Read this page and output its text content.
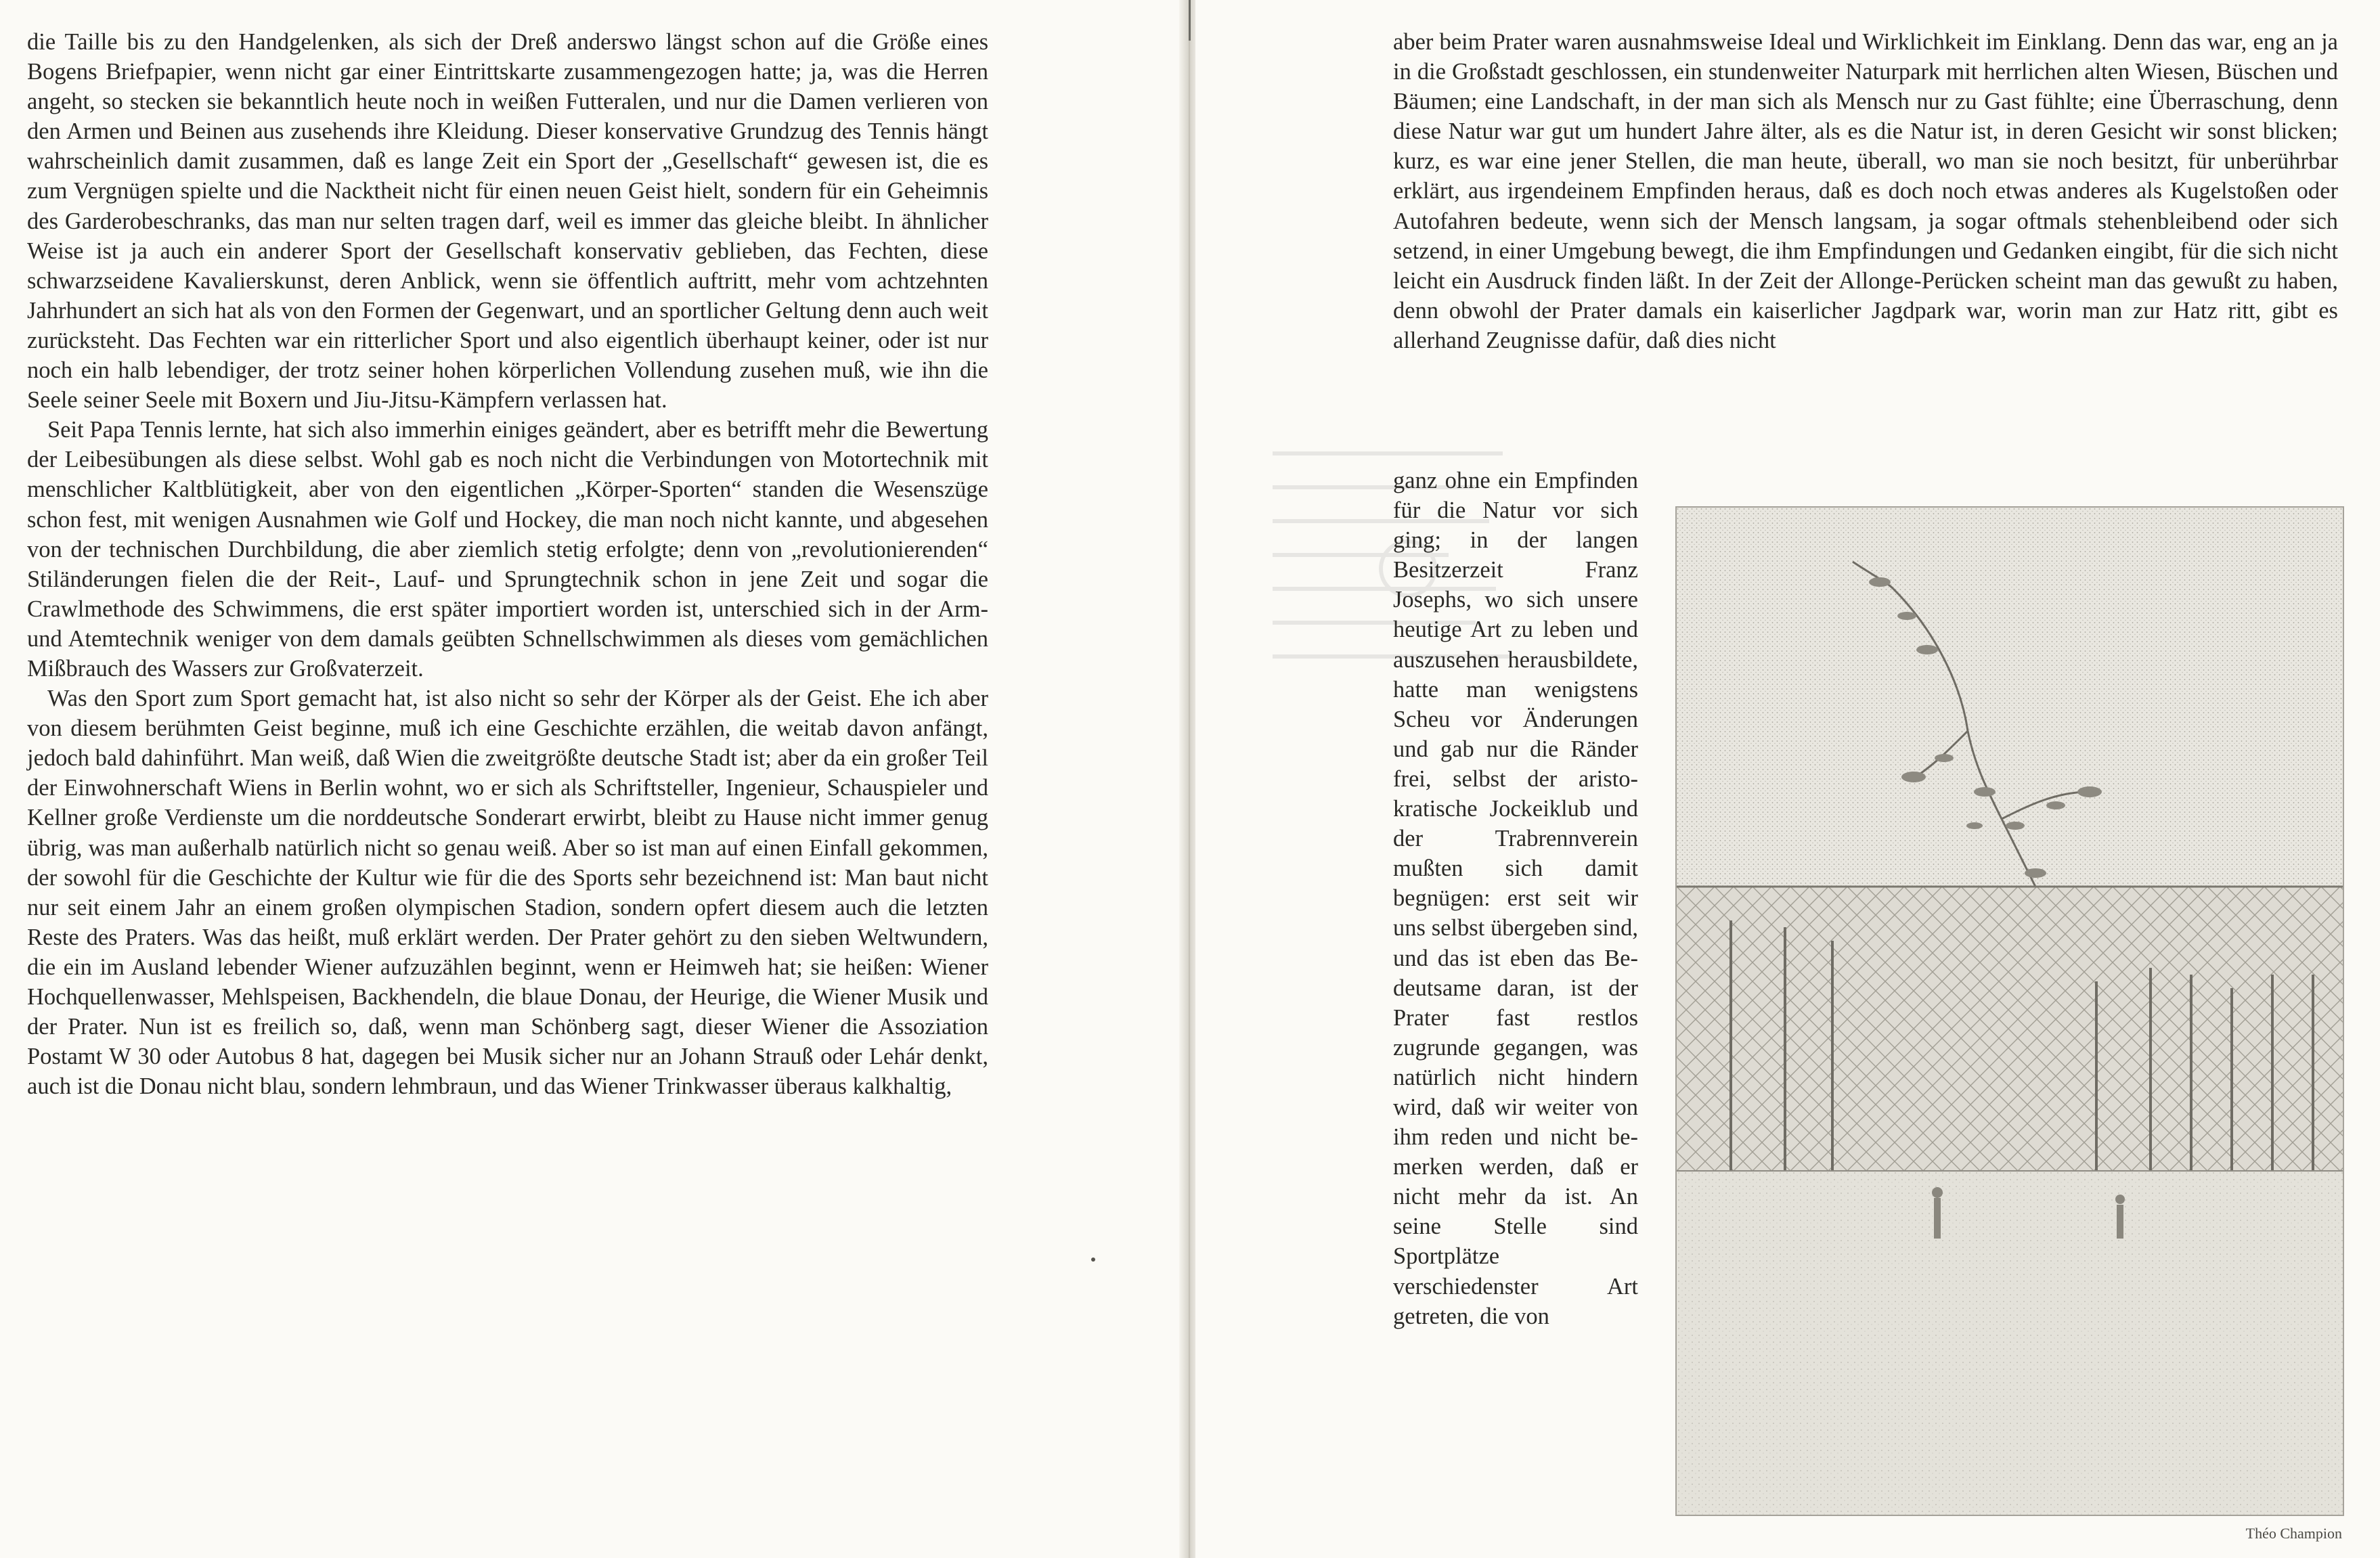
die Taille bis zu den Handgelenken, als sich der Dreß anderswo längst schon auf die Größe eines Bogens Briefpapier, wenn nicht gar einer Eintrittskarte zusammengezogen hatte; ja, was die Herren angeht, so stecken sie bekanntlich heute noch in weißen Futteralen, und nur die Damen verlieren von den Armen und Beinen aus zusehends ihre Kleidung. Dieser konservative Grundzug des Tennis hängt wahrscheinlich damit zusammen, daß es lange Zeit ein Sport der „Gesellschaft“ gewesen ist, die es zum Vergnügen spielte und die Nacktheit nicht für einen neuen Geist hielt, sondern für ein Geheimnis des Garderobeschranks, das man nur selten tragen darf, weil es immer das gleiche bleibt. In ähnlicher Weise ist ja auch ein anderer Sport der Gesellschaft konservativ geblieben, das Fechten, diese schwarzseidene Kavalierskunst, deren Anblick, wenn sie öffentlich auftritt, mehr vom achtzehnten Jahrhundert an sich hat als von den Formen der Gegenwart, und an sportlicher Geltung denn auch weit zurücksteht. Das Fechten war ein ritterlicher Sport und also eigentlich überhaupt keiner, oder ist nur noch ein halb lebendiger, der trotz seiner hohen körperlichen Vollendung zusehen muß, wie ihn die Seele seiner Seele mit Boxern und Jiu-Jitsu-Kämpfern verlassen hat.

Seit Papa Tennis lernte, hat sich also immerhin einiges geändert, aber es betrifft mehr die Bewertung der Leibesübungen als diese selbst. Wohl gab es noch nicht die Verbindungen von Motortechnik mit menschlicher Kaltblütigkeit, aber von den eigentlichen „Körper-Sporten“ standen die Wesenszüge schon fest, mit wenigen Ausnahmen wie Golf und Hockey, die man noch nicht kannte, und abgesehen von der technischen Durchbildung, die aber ziemlich stetig erfolgte; denn von „revolutionierenden“ Stiländerungen fielen die der Reit-, Lauf- und Sprungtechnik schon in jene Zeit und sogar die Crawlmethode des Schwimmens, die erst später importiert worden ist, unterschied sich in der Arm- und Atemtechnik weniger von dem damals geübten Schnellschwimmen als dieses vom gemächlichen Mißbrauch des Wassers zur Großvaterzeit.

Was den Sport zum Sport gemacht hat, ist also nicht so sehr der Körper als der Geist. Ehe ich aber von diesem berühmten Geist beginne, muß ich eine Geschichte erzählen, die weitab davon anfängt, jedoch bald dahinführt. Man weiß, daß Wien die zweitgrößte deutsche Stadt ist; aber da ein großer Teil der Einwohnerschaft Wiens in Berlin wohnt, wo er sich als Schriftsteller, Ingenieur, Schauspieler und Kellner große Verdienste um die norddeutsche Sonderart erwirbt, bleibt zu Hause nicht immer genug übrig, was man außerhalb natürlich nicht so genau weiß. Aber so ist man auf einen Einfall gekommen, der sowohl für die Geschichte der Kultur wie für die des Sports sehr bezeichnend ist: Man baut nicht nur seit einem Jahr an einem großen olympischen Stadion, sondern opfert diesem auch die letzten Reste des Praters. Was das heißt, muß erklärt werden. Der Prater gehört zu den sieben Weltwundern, die ein im Ausland lebender Wiener aufzuzählen beginnt, wenn er Heimweh hat; sie heißen: Wiener Hochquellenwasser, Mehlspeisen, Backhendeln, die blaue Donau, der Heurige, die Wiener Musik und der Prater. Nun ist es freilich so, daß, wenn man Schönberg sagt, dieser Wiener die Assoziation Postamt W 30 oder Autobus 8 hat, dagegen bei Musik sicher nur an Johann Strauß oder Lehár denkt, auch ist die Donau nicht blau, sondern lehmbraun, und das Wiener Trinkwasser überaus kalkhaltig,

aber beim Prater waren ausnahmsweise Ideal und Wirklichkeit im Einklang. Denn das war, eng an ja in die Großstadt geschlossen, ein stundenweiter Naturpark mit herrlichen alten Wiesen, Büschen und Bäumen; eine Landschaft, in der man sich als Mensch nur zu Gast fühlte; eine Überraschung, denn diese Natur war gut um hundert Jahre älter, als es die Natur ist, in deren Gesicht wir sonst blicken; kurz, es war eine jener Stellen, die man heute, überall, wo man sie noch besitzt, für unberührbar erklärt, aus irgendeinem Empfinden heraus, daß es doch noch etwas anderes als Kugelstoßen oder Autofahren bedeute, wenn sich der Mensch langsam, ja sogar oftmals stehenbleibend oder sich setzend, in einer Umgebung bewegt, die ihm Empfindungen und Gedanken eingibt, für die sich nicht leicht ein Ausdruck finden läßt. In der Zeit der Allonge-Perücken scheint man das gewußt zu haben, denn obwohl der Prater damals ein kaiserlicher Jagdpark war, worin man zur Hatz ritt, gibt es allerhand Zeugnisse dafür, daß dies nicht
ganz ohne ein Empfinden für die Natur vor sich ging; in der langen Besitzerzeit Franz Josephs, wo sich unsere heutige Art zu leben und auszusehen herausbildete, hatte man wenigstens Scheu vor Änderungen und gab nur die Ränder frei, selbst der aristokratische Jockeiklub und der Trabrennverein mußten sich damit begnügen: erst seit wir uns selbst übergeben sind, und das ist eben das Bedeutsame daran, ist der Prater fast restlos zugrunde gegangen, was natürlich nicht hindern wird, daß wir weiter von ihm reden und nicht bemerken werden, daß er nicht mehr da ist. An seine Stelle sind Sportplätze verschiedenster Art getreten, die von
Théo Champion
